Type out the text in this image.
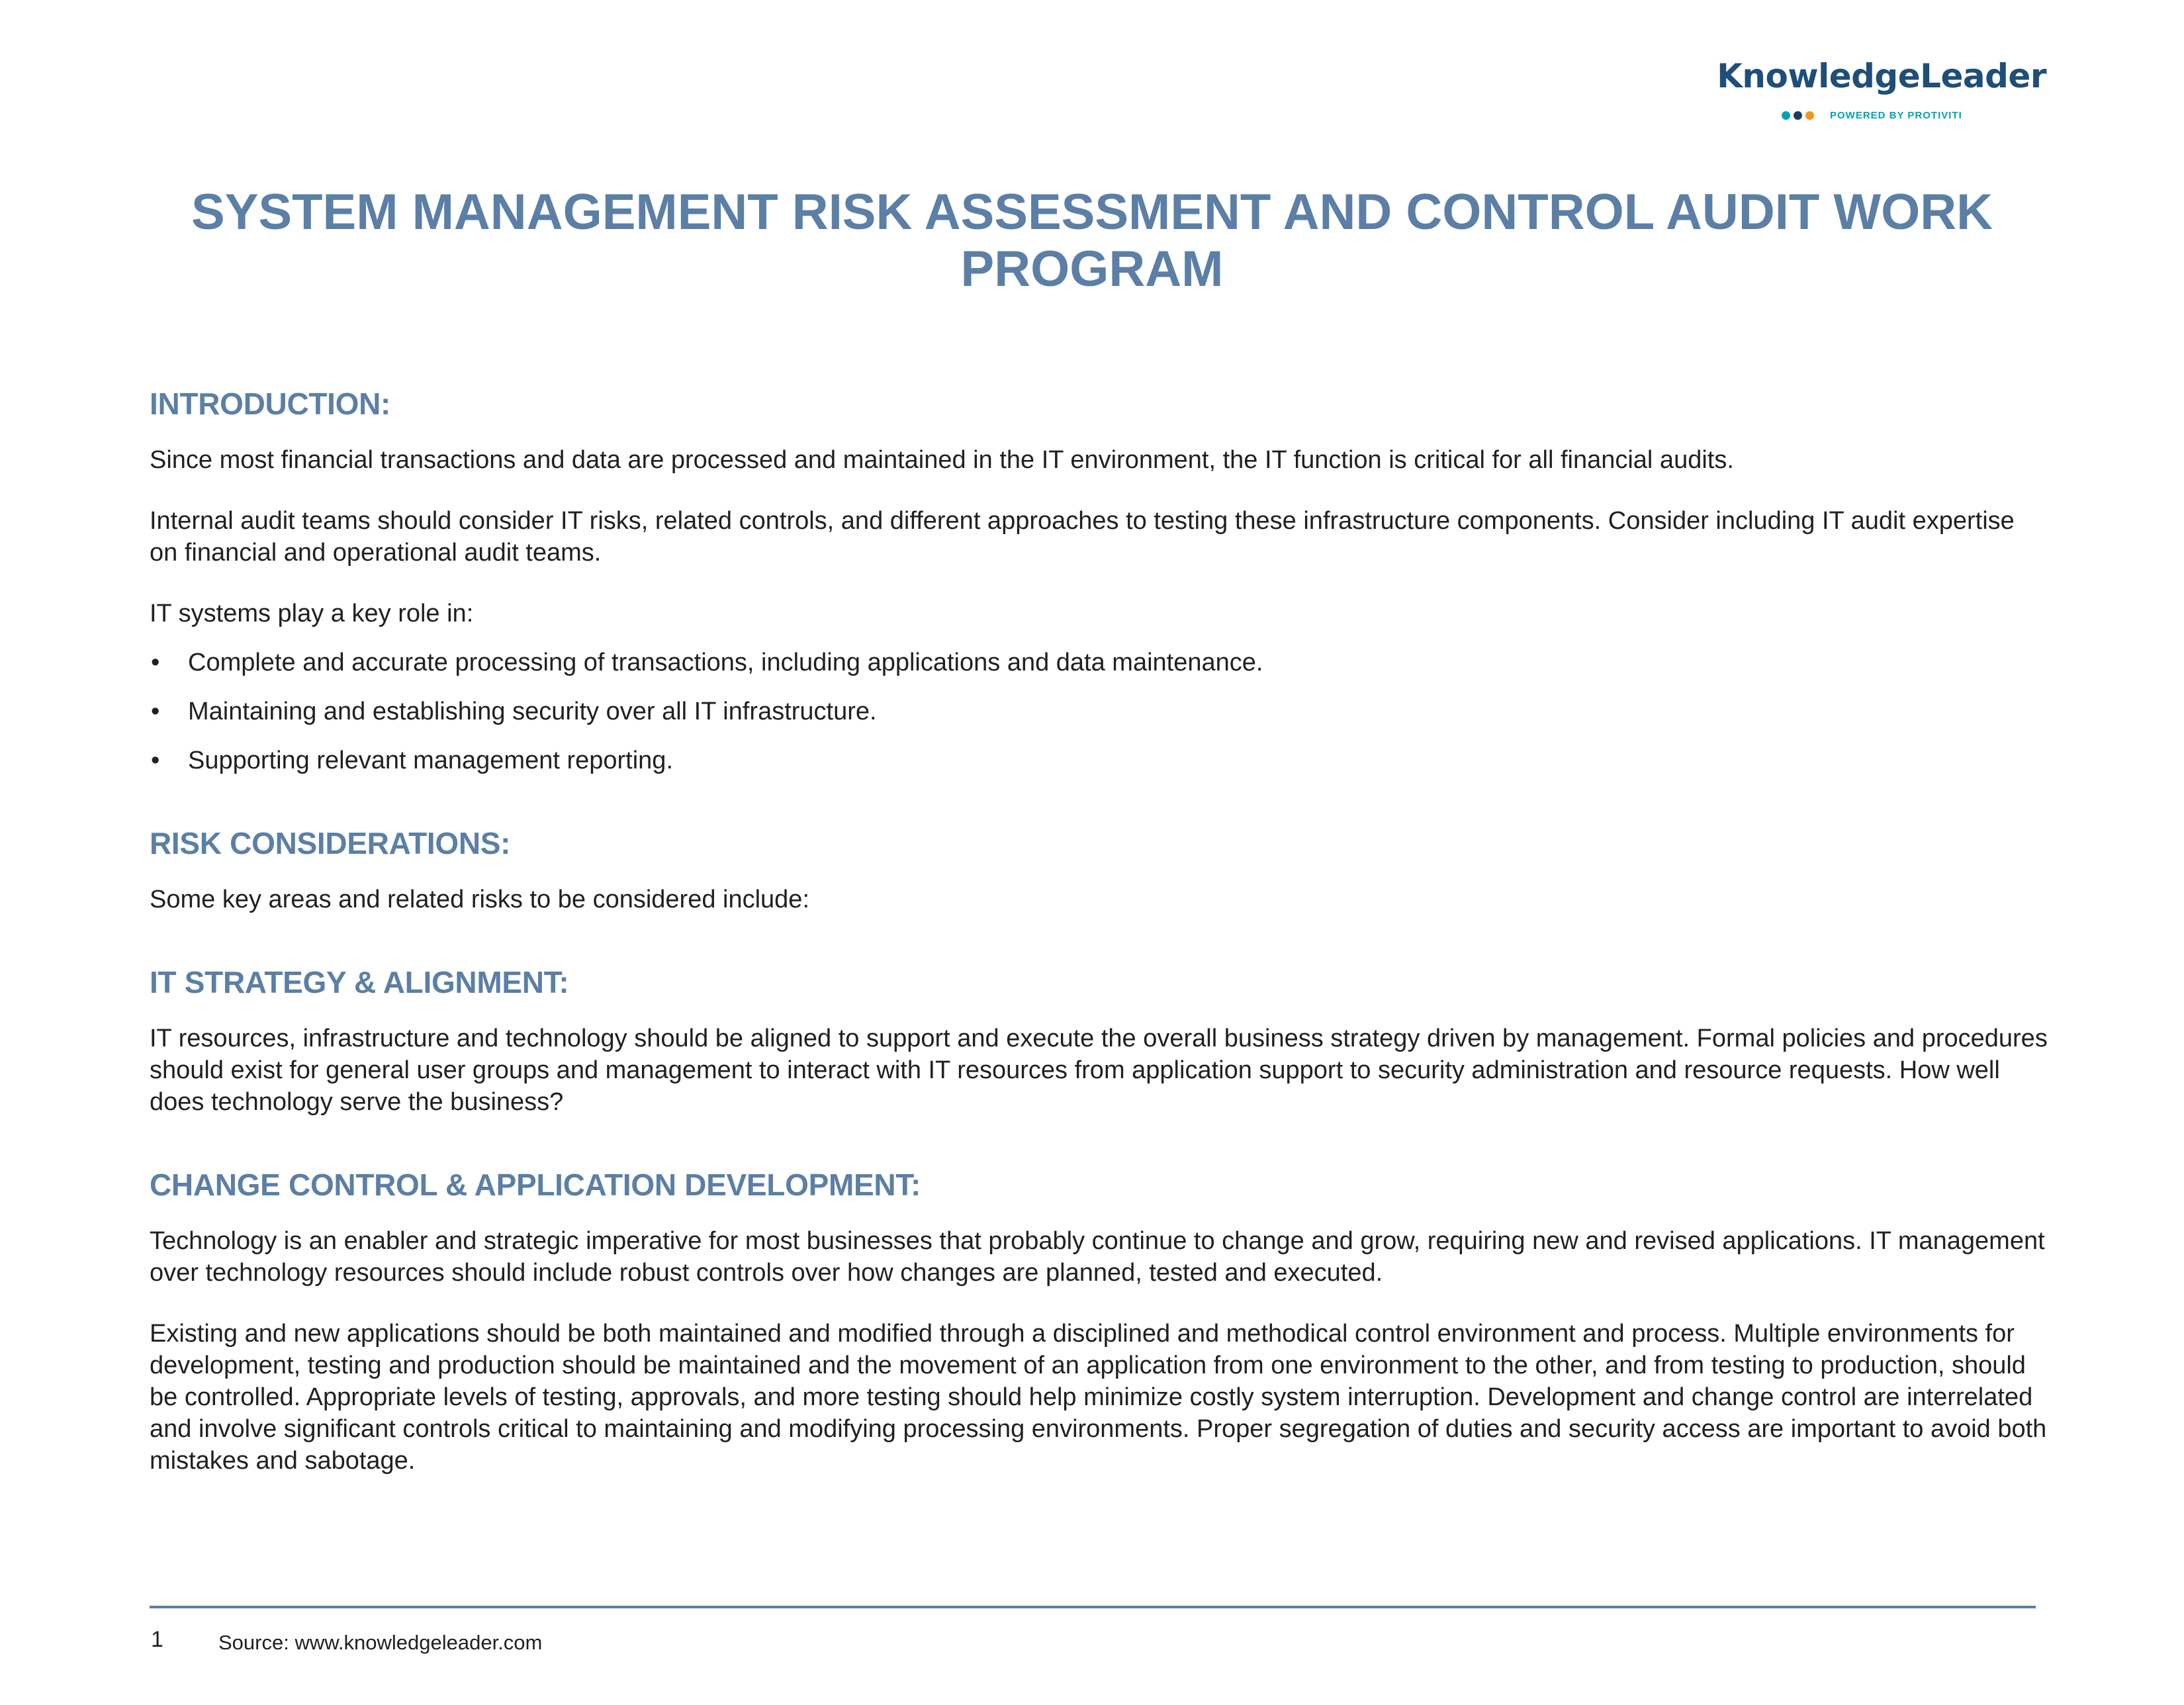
KnowledgeLeader
POWERED BY PROTIVITI
SYSTEM MANAGEMENT RISK ASSESSMENT AND CONTROL AUDIT WORK PROGRAM
INTRODUCTION:

Since most financial transactions and data are processed and maintained in the IT environment, the IT function is critical for all financial audits.

Internal audit teams should consider IT risks, related controls, and different approaches to testing these infrastructure components. Consider including IT audit expertise on financial and operational audit teams.

IT systems play a key role in:

• Complete and accurate processing of transactions, including applications and data maintenance.
• Maintaining and establishing security over all IT infrastructure.
• Supporting relevant management reporting.
RISK CONSIDERATIONS:

Some key areas and related risks to be considered include:

IT STRATEGY & ALIGNMENT:

IT resources, infrastructure and technology should be aligned to support and execute the overall business strategy driven by management. Formal policies and procedures should exist for general user groups and management to interact with IT resources from application support to security administration and resource requests. How well does technology serve the business?

CHANGE CONTROL & APPLICATION DEVELOPMENT:

Technology is an enabler and strategic imperative for most businesses that probably continue to change and grow, requiring new and revised applications. IT management over technology resources should include robust controls over how changes are planned, tested and executed.

Existing and new applications should be both maintained and modified through a disciplined and methodical control environment and process. Multiple environments for development, testing and production should be maintained and the movement of an application from one environment to the other, and from testing to production, should be controlled. Appropriate levels of testing, approvals, and more testing should help minimize costly system interruption. Development and change control are interrelated and involve significant controls critical to maintaining and modifying processing environments. Proper segregation of duties and security access are important to avoid both mistakes and sabotage.

1	Source: www.knowledgeleader.com
